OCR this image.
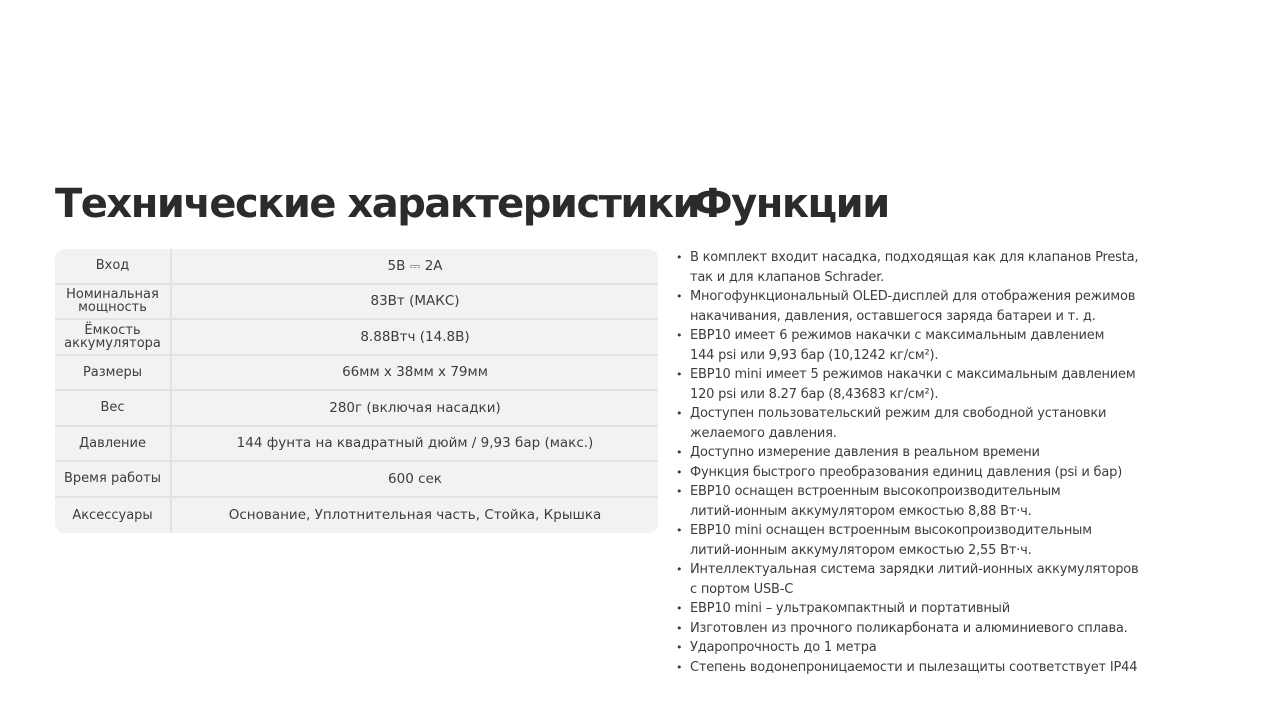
Технические характеристики
Функции
Вход	5В ⎓ 2А
Номинальная мощность	83Вт (МАКС)
Ёмкость аккумулятора	8.88Втч (14.8В)
Размеры	66мм x 38мм x 79мм
Вес	280г (включая насадки)
Давление	144 фунта на квадратный дюйм / 9,93 бар (макс.)
Время работы	600 сек
Аксессуары	Основание, Уплотнительная часть, Стойка, Крышка
• В комплект входит насадка, подходящая как для клапанов Presta,
так и для клапанов Schrader.
• Многофункциональный OLED-дисплей для отображения режимов
накачивания, давления, оставшегося заряда батареи и т. д.
• EBP10 имеет 6 режимов накачки с максимальным давлением
144 psi или 9,93 бар (10,1242 кг/см²).
• EBP10 mini имеет 5 режимов накачки с максимальным давлением
120 psi или 8.27 бар (8,43683 кг/см²).
• Доступен пользовательский режим для свободной установки
желаемого давления.
• Доступно измерение давления в реальном времени
• Функция быстрого преобразования единиц давления (psi и бар)
• EBP10 оснащен встроенным высокопроизводительным
литий-ионным аккумулятором емкостью 8,88 Вт·ч.
• EBP10 mini оснащен встроенным высокопроизводительным
литий-ионным аккумулятором емкостью 2,55 Вт·ч.
• Интеллектуальная система зарядки литий-ионных аккумуляторов
с портом USB-C
• EBP10 mini – ультракомпактный и портативный
• Изготовлен из прочного поликарбоната и алюминиевого сплава.
• Ударопрочность до 1 метра
• Степень водонепроницаемости и пылезащиты соответствует IP44
